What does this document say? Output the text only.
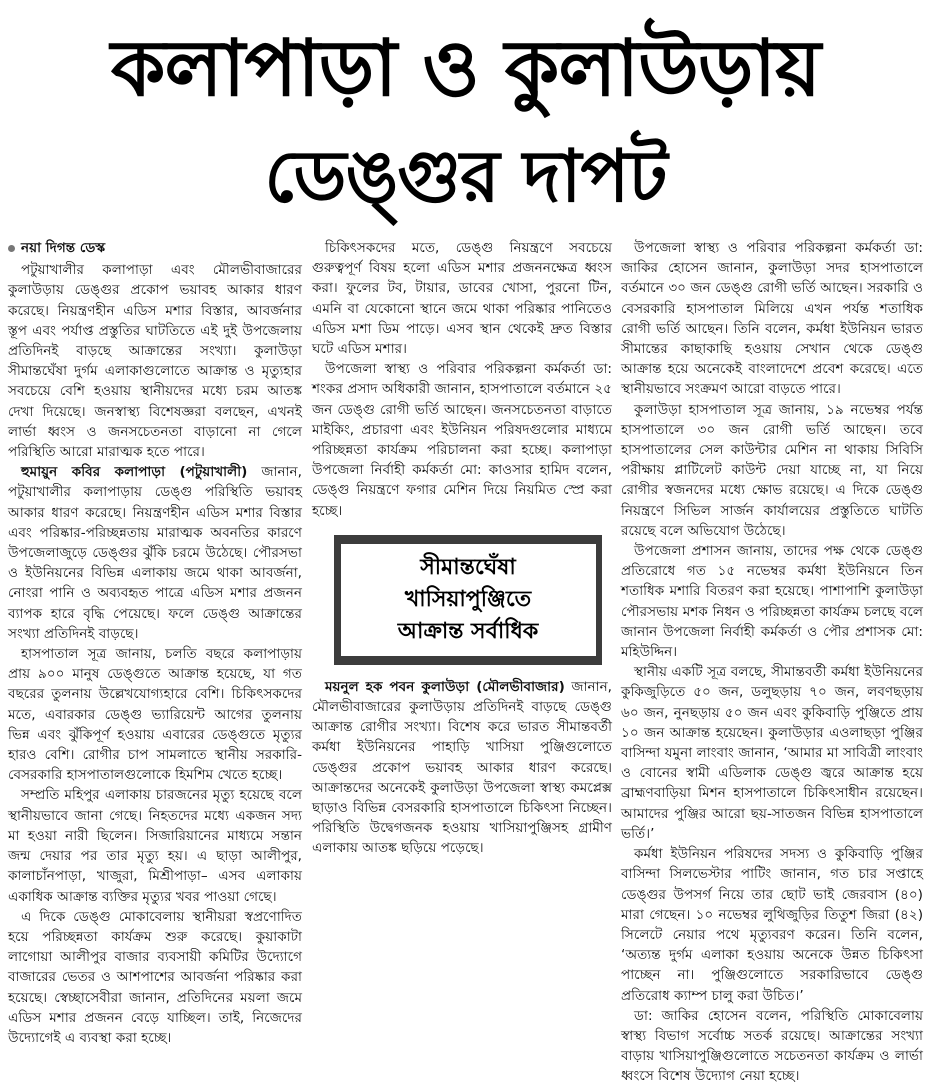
কলাপাড়া ও কুলাউড়ায়
ডেঙ্গুর দাপট
নয়া দিগন্ত ডেস্ক

পটুয়াখালীর কলাপাড়া এবং মৌলভীবাজারের কুলাউড়ায় ডেঙ্গুর প্রকোপ ভয়াবহ আকার ধারণ করেছে। নিয়ন্ত্রণহীন এডিস মশার বিস্তার, আবর্জনার স্তূপ এবং পর্যাপ্ত প্রস্তুতির ঘাটতিতে এই দুই উপজেলায় প্রতিদিনই বাড়ছে আক্রান্তের সংখ্যা। কুলাউড়া সীমান্তঘেঁষা দুর্গম এলাকাগুলোতে আক্রান্ত ও মৃত্যুহার সবচেয়ে বেশি হওয়ায় স্থানীয়দের মধ্যে চরম আতঙ্ক দেখা দিয়েছে। জনস্বাস্থ্য বিশেষজ্ঞরা বলছেন, এখনই লার্ভা ধ্বংস ও জনসচেতনতা বাড়ানো না গেলে পরিস্থিতি আরো মারাত্মক হতে পারে।

হুমায়ুন কবির কলাপাড়া (পটুয়াখালী) জানান, পটুয়াখালীর কলাপাড়ায় ডেঙ্গু পরিস্থিতি ভয়াবহ আকার ধারণ করেছে। নিয়ন্ত্রণহীন এডিস মশার বিস্তার এবং পরিষ্কার-পরিচ্ছন্নতায় মারাত্মক অবনতির কারণে উপজেলাজুড়ে ডেঙ্গুর ঝুঁকি চরমে উঠেছে। পৌরসভা ও ইউনিয়নের বিভিন্ন এলাকায় জমে থাকা আবর্জনা, নোংরা পানি ও অব্যবহৃত পাত্রে এডিস মশার প্রজনন ব্যাপক হারে বৃদ্ধি পেয়েছে। ফলে ডেঙ্গু আক্রান্তের সংখ্যা প্রতিদিনই বাড়ছে।

হাসপাতাল সূত্র জানায়, চলতি বছরে কলাপাড়ায় প্রায় ৯০০ মানুষ ডেঙ্গুতে আক্রান্ত হয়েছে, যা গত বছরের তুলনায় উল্লেখযোগ্যহারে বেশি। চিকিৎসকদের মতে, এবারকার ডেঙ্গু ভ্যারিয়েন্ট আগের তুলনায় ভিন্ন এবং ঝুঁকিপূর্ণ হওয়ায় এবারের ডেঙ্গুতে মৃত্যুর হারও বেশি। রোগীর চাপ সামলাতে স্থানীয় সরকারি-বেসরকারি হাসপাতালগুলোকে হিমশিম খেতে হচ্ছে।

সম্প্রতি মহিপুর এলাকায় চারজনের মৃত্যু হয়েছে বলে স্থানীয়ভাবে জানা গেছে। নিহতদের মধ্যে একজন সদ্য মা হওয়া নারী ছিলেন। সিজারিয়ানের মাধ্যমে সন্তান জন্ম দেয়ার পর তার মৃত্যু হয়। এ ছাড়া আলীপুর, কালাচাঁনপাড়া, খাজুরা, মিশ্রীপাড়া– এসব এলাকায় একাধিক আক্রান্ত ব্যক্তির মৃত্যুর খবর পাওয়া গেছে।

এ দিকে ডেঙ্গু মোকাবেলায় স্থানীয়রা স্বপ্রণোদিত হয়ে পরিচ্ছন্নতা কার্যক্রম শুরু করেছে। কুয়াকাটা লাগোয়া আলীপুর বাজার ব্যবসায়ী কমিটির উদ্যোগে বাজারের ভেতর ও আশপাশের আবর্জনা পরিষ্কার করা হয়েছে। স্বেচ্ছাসেবীরা জানান, প্রতিদিনের ময়লা জমে এডিস মশার প্রজনন বেড়ে যাচ্ছিল। তাই, নিজেদের উদ্যোগেই এ ব্যবস্থা করা হচ্ছে।

চিকিৎসকদের মতে, ডেঙ্গু নিয়ন্ত্রণে সবচেয়ে গুরুত্বপূর্ণ বিষয় হলো এডিস মশার প্রজননক্ষেত্র ধ্বংস করা। ফুলের টব, টায়ার, ডাবের খোসা, পুরনো টিন, এমনি বা যেকোনো স্থানে জমে থাকা পরিষ্কার পানিতেও এডিস মশা ডিম পাড়ে। এসব স্থান থেকেই দ্রুত বিস্তার ঘটে এডিস মশার।

উপজেলা স্বাস্থ্য ও পরিবার পরিকল্পনা কর্মকর্তা ডা: শংকর প্রসাদ অধিকারী জানান, হাসপাতালে বর্তমানে ২৫ জন ডেঙ্গু রোগী ভর্তি আছেন। জনসচেতনতা বাড়াতে মাইকিং, প্রচারণা এবং ইউনিয়ন পরিষদগুলোর মাধ্যমে পরিচ্ছন্নতা কার্যক্রম পরিচালনা করা হচ্ছে। কলাপাড়া উপজেলা নির্বাহী কর্মকর্তা মো: কাওসার হামিদ বলেন, ডেঙ্গু নিয়ন্ত্রণে ফগার মেশিন দিয়ে নিয়মিত স্প্রে করা হচ্ছে।

সীমান্তঘেঁষা
খাসিয়াপুঞ্জিতে
আক্রান্ত সর্বাধিক

ময়নুল হক পবন কুলাউড়া (মৌলভীবাজার) জানান, মৌলভীবাজারের কুলাউড়ায় প্রতিদিনই বাড়ছে ডেঙ্গু আক্রান্ত রোগীর সংখ্যা। বিশেষ করে ভারত সীমান্তবর্তী কর্মধা ইউনিয়নের পাহাড়ি খাসিয়া পুঞ্জিগুলোতে ডেঙ্গুর প্রকোপ ভয়াবহ আকার ধারণ করেছে। আক্রান্তদের অনেকেই কুলাউড়া উপজেলা স্বাস্থ্য কমপ্লেক্স ছাড়াও বিভিন্ন বেসরকারি হাসপাতালে চিকিৎসা নিচ্ছেন। পরিস্থিতি উদ্বেগজনক হওয়ায় খাসিয়াপুঞ্জিসহ গ্রামীণ এলাকায় আতঙ্ক ছড়িয়ে পড়েছে।

উপজেলা স্বাস্থ্য ও পরিবার পরিকল্পনা কর্মকর্তা ডা: জাকির হোসেন জানান, কুলাউড়া সদর হাসপাতালে বর্তমানে ৩০ জন ডেঙ্গু রোগী ভর্তি আছেন। সরকারি ও বেসরকারি হাসপাতাল মিলিয়ে এখন পর্যন্ত শতাধিক রোগী ভর্তি আছেন। তিনি বলেন, কর্মধা ইউনিয়ন ভারত সীমান্তের কাছাকাছি হওয়ায় সেখান থেকে ডেঙ্গু আক্রান্ত হয়ে অনেকেই বাংলাদেশে প্রবেশ করেছে। এতে স্থানীয়ভাবে সংক্রমণ আরো বাড়তে পারে।

কুলাউড়া হাসপাতাল সূত্র জানায়, ১৯ নভেম্বর পর্যন্ত হাসপাতালে ৩০ জন রোগী ভর্তি আছেন। তবে হাসপাতালের সেল কাউন্টার মেশিন না থাকায় সিবিসি পরীক্ষায় প্লাটিলেট কাউন্ট দেয়া যাচ্ছে না, যা নিয়ে রোগীর স্বজনদের মধ্যে ক্ষোভ রয়েছে। এ দিকে ডেঙ্গু নিয়ন্ত্রণে সিভিল সার্জন কার্যালয়ের প্রস্তুতিতে ঘাটতি রয়েছে বলে অভিযোগ উঠেছে।

উপজেলা প্রশাসন জানায়, তাদের পক্ষ থেকে ডেঙ্গু প্রতিরোধে গত ১৫ নভেম্বর কর্মধা ইউনিয়নে তিন শতাধিক মশারি বিতরণ করা হয়েছে। পাশাপাশি কুলাউড়া পৌরসভায় মশক নিধন ও পরিচ্ছন্নতা কার্যক্রম চলছে বলে জানান উপজেলা নির্বাহী কর্মকর্তা ও পৌর প্রশাসক মো: মহিউদ্দিন।

স্থানীয় একটি সূত্র বলছে, সীমান্তবর্তী কর্মধা ইউনিয়নের কুকিজুড়িতে ৫০ জন, ডলুছড়ায় ৭০ জন, লবণছড়ায় ৬০ জন, নুনছড়ায় ৫০ জন এবং কুকিবাড়ি পুঞ্জিতে প্রায় ১০ জন আক্রান্ত হয়েছেন। কুলাউড়ার এওলাছড়া পুঞ্জির বাসিন্দা যমুনা লাংবাং জানান, ‘আমার মা সাবিত্রী লাংবাং ও বোনের স্বামী এডিলাক ডেঙ্গু জ্বরে আক্রান্ত হয়ে ব্রাহ্মণবাড়িয়া মিশন হাসপাতালে চিকিৎসাধীন রয়েছেন। আমাদের পুঞ্জির আরো ছয়-সাতজন বিভিন্ন হাসপাতালে ভর্তি।’

কর্মধা ইউনিয়ন পরিষদের সদস্য ও কুকিবাড়ি পুঞ্জির বাসিন্দা সিলভেস্টার পাটিং জানান, গত চার সপ্তাহে ডেঙ্গুর উপসর্গ নিয়ে তার ছোট ভাই জেরবাস (৪০) মারা গেছেন। ১০ নভেম্বর লুথিজুড়ির তিতুশ জিরা (৪২) সিলেটে নেয়ার পথে মৃত্যুবরণ করেন। তিনি বলেন, ‘অত্যন্ত দুর্গম এলাকা হওয়ায় অনেকে উন্নত চিকিৎসা পাচ্ছেন না। পুঞ্জিগুলোতে সরকারিভাবে ডেঙ্গু প্রতিরোধ ক্যাম্প চালু করা উচিত।’

ডা: জাকির হোসেন বলেন, পরিস্থিতি মোকাবেলায় স্বাস্থ্য বিভাগ সর্বোচ্চ সতর্ক রয়েছে। আক্রান্তের সংখ্যা বাড়ায় খাসিয়াপুঞ্জিগুলোতে সচেতনতা কার্যক্রম ও লার্ভা ধ্বংসে বিশেষ উদ্যোগ নেয়া হচ্ছে।
